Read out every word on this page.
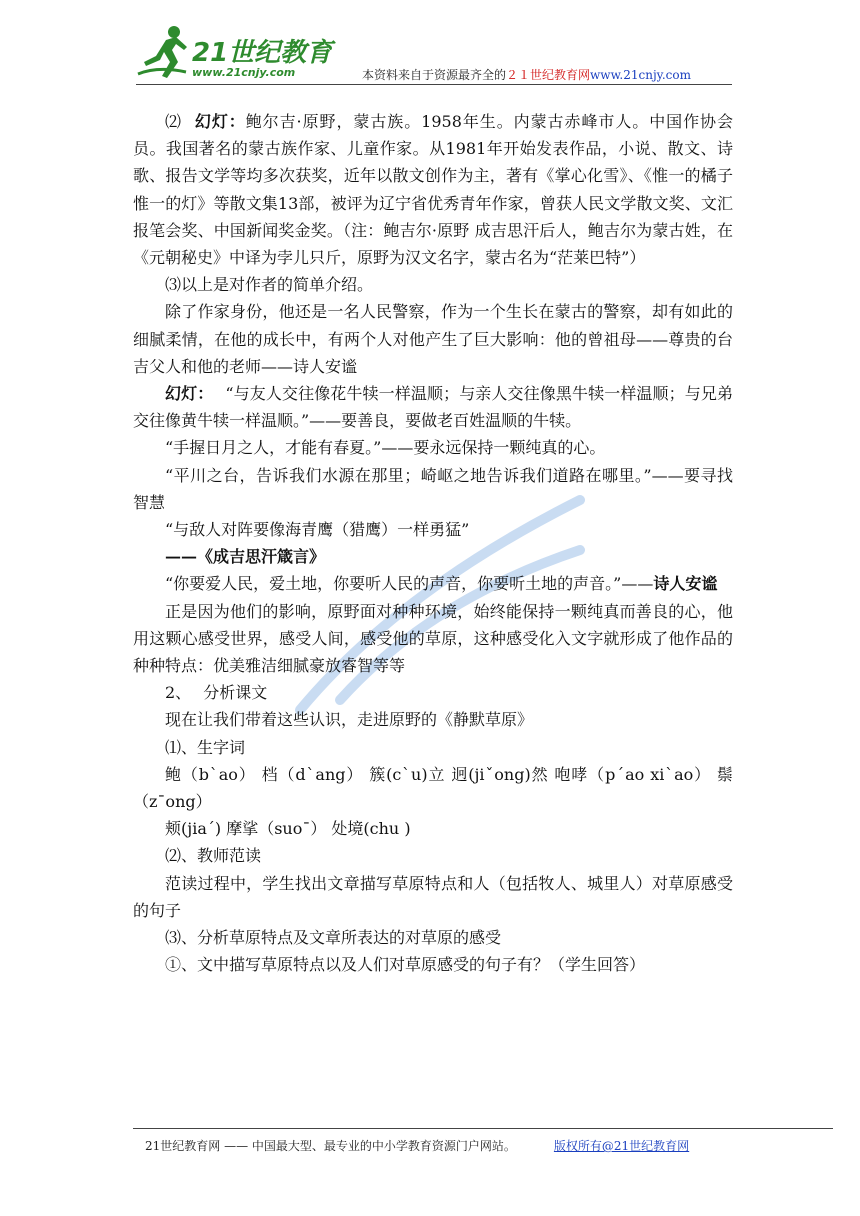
21世纪教育
www.21cnjy.com	本资料来自于资源最齐全的２１世纪教育网www.21cnjy.com

⑵ 幻灯：鲍尔吉·原野，蒙古族。1958年生。内蒙古赤峰市人。中国作协会员。我国著名的蒙古族作家、儿童作家。从1981年开始发表作品，小说、散文、诗歌、报告文学等均多次获奖，近年以散文创作为主，著有《掌心化雪》、《惟一的橘子惟一的灯》等散文集13部，被评为辽宁省优秀青年作家，曾获人民文学散文奖、文汇报笔会奖、中国新闻奖金奖。（注：鲍吉尔·原野 成吉思汗后人，鲍吉尔为蒙古姓，在《元朝秘史》中译为孛儿只斤，原野为汉文名字，蒙古名为“茫莱巴特”）

⑶以上是对作者的简单介绍。

除了作家身份，他还是一名人民警察，作为一个生长在蒙古的警察，却有如此的细腻柔情，在他的成长中，有两个人对他产生了巨大影响：他的曾祖母——尊贵的台吉父人和他的老师——诗人安谧

幻灯： “与友人交往像花牛犊一样温顺；与亲人交往像黑牛犊一样温顺；与兄弟交往像黄牛犊一样温顺。”——要善良，要做老百姓温顺的牛犊。

“手握日月之人，才能有春夏。”——要永远保持一颗纯真的心。

“平川之台，告诉我们水源在那里；崎岖之地告诉我们道路在哪里。”——要寻找智慧

“与敌人对阵要像海青鹰（猎鹰）一样勇猛”

——《成吉思汗箴言》

“你要爱人民，爱土地，你要听人民的声音，你要听土地的声音。”——诗人安谧

正是因为他们的影响，原野面对种种环境，始终能保持一颗纯真而善良的心，他用这颗心感受世界，感受人间，感受他的草原，这种感受化入文字就形成了他作品的种种特点：优美雅洁细腻豪放睿智等等

2、 分析课文

现在让我们带着这些认识，走进原野的《静默草原》

⑴、生字词

鲍（bˋao） 档（dˋang） 簇(cˋu)立 迥(jiˇong)然 咆哮（pˊao xiˋao） 鬃（zˉong）

颊(jiaˊ) 摩挲（suoˉ） 处境(chu )

⑵、教师范读

范读过程中，学生找出文章描写草原特点和人（包括牧人、城里人）对草原感受的句子

⑶、分析草原特点及文章所表达的对草原的感受

①、文中描写草原特点以及人们对草原感受的句子有？（学生回答）

21世纪教育网 —— 中国最大型、最专业的中小学教育资源门户网站。	版权所有@21世纪教育网
